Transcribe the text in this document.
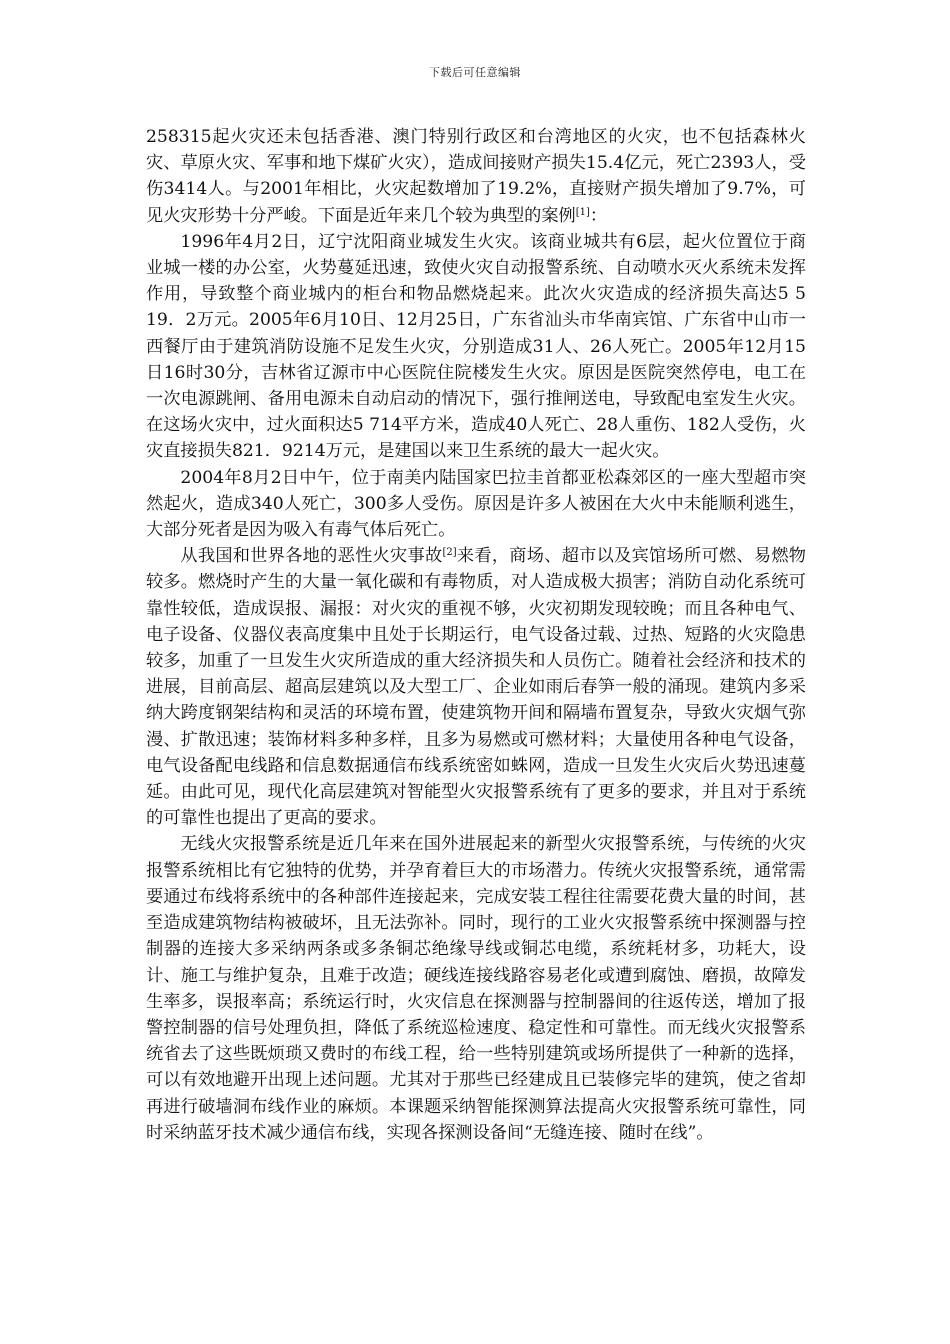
下载后可任意编辑

258315起火灾还未包括香港、澳门特别行政区和台湾地区的火灾，也不包括森林火灾、草原火灾、军事和地下煤矿火灾），造成间接财产损失15.4亿元，死亡2393人，受伤3414人。与2001年相比，火灾起数增加了19.2%，直接财产损失增加了9.7%，可见火灾形势十分严峻。下面是近年来几个较为典型的案例[1]：

1996年4月2日，辽宁沈阳商业城发生火灾。该商业城共有6层，起火位置位于商业城一楼的办公室，火势蔓延迅速，致使火灾自动报警系统、自动喷水灭火系统未发挥作用，导致整个商业城内的柜台和物品燃烧起来。此次火灾造成的经济损失高达5 5 19．2万元。2005年6月10日、12月25日，广东省汕头市华南宾馆、广东省中山市一西餐厅由于建筑消防设施不足发生火灾，分别造成31人、26人死亡。2005年12月15日16时30分，吉林省辽源市中心医院住院楼发生火灾。原因是医院突然停电，电工在一次电源跳闸、备用电源未自动启动的情况下，强行推闸送电，导致配电室发生火灾。在这场火灾中，过火面积达5 714平方米，造成40人死亡、28人重伤、182人受伤，火灾直接损失821．9214万元，是建国以来卫生系统的最大一起火灾。

2004年8月2日中午，位于南美内陆国家巴拉圭首都亚松森郊区的一座大型超市突然起火，造成340人死亡，300多人受伤。原因是许多人被困在大火中未能顺利逃生，大部分死者是因为吸入有毒气体后死亡。

从我国和世界各地的恶性火灾事故[2]来看，商场、超市以及宾馆场所可燃、易燃物较多。燃烧时产生的大量一氧化碳和有毒物质，对人造成极大损害；消防自动化系统可靠性较低，造成误报、漏报：对火灾的重视不够，火灾初期发现较晚；而且各种电气、电子设备、仪器仪表高度集中且处于长期运行，电气设备过载、过热、短路的火灾隐患较多，加重了一旦发生火灾所造成的重大经济损失和人员伤亡。随着社会经济和技术的进展，目前高层、超高层建筑以及大型工厂、企业如雨后春笋一般的涌现。建筑内多采纳大跨度钢架结构和灵活的环境布置，使建筑物开间和隔墙布置复杂，导致火灾烟气弥漫、扩散迅速；装饰材料多种多样，且多为易燃或可燃材料；大量使用各种电气设备，电气设备配电线路和信息数据通信布线系统密如蛛网，造成一旦发生火灾后火势迅速蔓延。由此可见，现代化高层建筑对智能型火灾报警系统有了更多的要求，并且对于系统的可靠性也提出了更高的要求。

无线火灾报警系统是近几年来在国外进展起来的新型火灾报警系统，与传统的火灾报警系统相比有它独特的优势，并孕育着巨大的市场潜力。传统火灾报警系统，通常需要通过布线将系统中的各种部件连接起来，完成安装工程往往需要花费大量的时间，甚至造成建筑物结构被破坏，且无法弥补。同时，现行的工业火灾报警系统中探测器与控制器的连接大多采纳两条或多条铜芯绝缘导线或铜芯电缆，系统耗材多，功耗大，设计、施工与维护复杂，且难于改造；硬线连接线路容易老化或遭到腐蚀、磨损，故障发生率多，误报率高；系统运行时，火灾信息在探测器与控制器间的往返传送，增加了报警控制器的信号处理负担，降低了系统巡检速度、稳定性和可靠性。而无线火灾报警系统省去了这些既烦琐又费时的布线工程，给一些特别建筑或场所提供了一种新的选择，可以有效地避开出现上述问题。尤其对于那些已经建成且已装修完毕的建筑，使之省却再进行破墙洞布线作业的麻烦。本课题采纳智能探测算法提高火灾报警系统可靠性，同时采纳蓝牙技术减少通信布线，实现各探测设备间“无缝连接、随时在线”。
